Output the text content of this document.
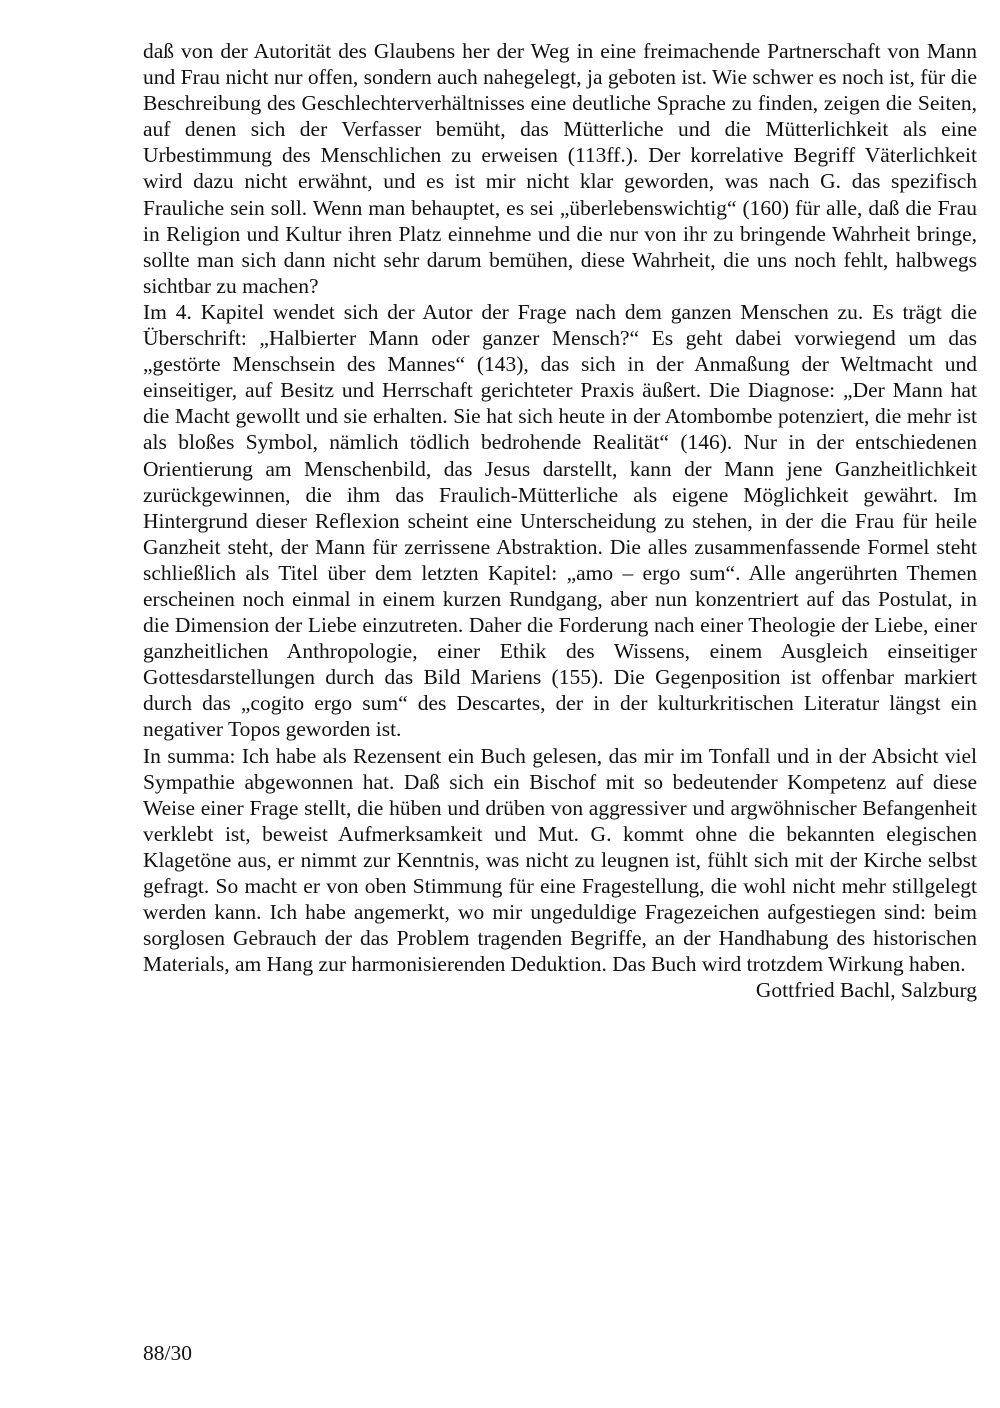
daß von der Autorität des Glaubens her der Weg in eine freimachende Partnerschaft von Mann und Frau nicht nur offen, sondern auch nahegelegt, ja geboten ist. Wie schwer es noch ist, für die Beschreibung des Geschlechterverhältnisses eine deutliche Sprache zu finden, zeigen die Seiten, auf denen sich der Verfasser bemüht, das Mütterliche und die Mütterlichkeit als eine Urbestimmung des Menschlichen zu erweisen (113ff.). Der korrelative Begriff Väterlichkeit wird dazu nicht erwähnt, und es ist mir nicht klar geworden, was nach G. das spezifisch Frauliche sein soll. Wenn man behauptet, es sei „überlebenswichtig“ (160) für alle, daß die Frau in Religion und Kultur ihren Platz einnehme und die nur von ihr zu bringende Wahrheit bringe, sollte man sich dann nicht sehr darum bemühen, diese Wahrheit, die uns noch fehlt, halbwegs sichtbar zu machen?

Im 4. Kapitel wendet sich der Autor der Frage nach dem ganzen Menschen zu. Es trägt die Überschrift: „Halbierter Mann oder ganzer Mensch?“ Es geht dabei vorwiegend um das „gestörte Menschsein des Mannes“ (143), das sich in der Anmaßung der Weltmacht und einseitiger, auf Besitz und Herrschaft gerichteter Praxis äußert. Die Diagnose: „Der Mann hat die Macht gewollt und sie erhalten. Sie hat sich heute in der Atombombe potenziert, die mehr ist als bloßes Symbol, nämlich tödlich bedrohende Realität“ (146). Nur in der entschiedenen Orientierung am Menschenbild, das Jesus darstellt, kann der Mann jene Ganzheitlichkeit zurückgewinnen, die ihm das Fraulich-Mütterliche als eigene Möglichkeit gewährt. Im Hintergrund dieser Reflexion scheint eine Unterscheidung zu stehen, in der die Frau für heile Ganzheit steht, der Mann für zerrissene Abstraktion. Die alles zusammenfassende Formel steht schließlich als Titel über dem letzten Kapitel: „amo – ergo sum“. Alle angerührten Themen erscheinen noch einmal in einem kurzen Rundgang, aber nun konzentriert auf das Postulat, in die Dimension der Liebe einzutreten. Daher die Forderung nach einer Theologie der Liebe, einer ganzheitlichen Anthropologie, einer Ethik des Wissens, einem Ausgleich einseitiger Gottesdarstellungen durch das Bild Mariens (155). Die Gegenposition ist offenbar markiert durch das „cogito ergo sum“ des Descartes, der in der kulturkritischen Literatur längst ein negativer Topos geworden ist.

In summa: Ich habe als Rezensent ein Buch gelesen, das mir im Tonfall und in der Absicht viel Sympathie abgewonnen hat. Daß sich ein Bischof mit so bedeutender Kompetenz auf diese Weise einer Frage stellt, die hüben und drüben von aggressiver und argwöhnischer Befangenheit verklebt ist, beweist Aufmerksamkeit und Mut. G. kommt ohne die bekannten elegischen Klagetöne aus, er nimmt zur Kenntnis, was nicht zu leugnen ist, fühlt sich mit der Kirche selbst gefragt. So macht er von oben Stimmung für eine Fragestellung, die wohl nicht mehr stillgelegt werden kann. Ich habe angemerkt, wo mir ungeduldige Fragezeichen aufgestiegen sind: beim sorglosen Gebrauch der das Problem tragenden Begriffe, an der Handhabung des historischen Materials, am Hang zur harmonisierenden Deduktion. Das Buch wird trotzdem Wirkung haben.

Gottfried Bachl, Salzburg

88/30
